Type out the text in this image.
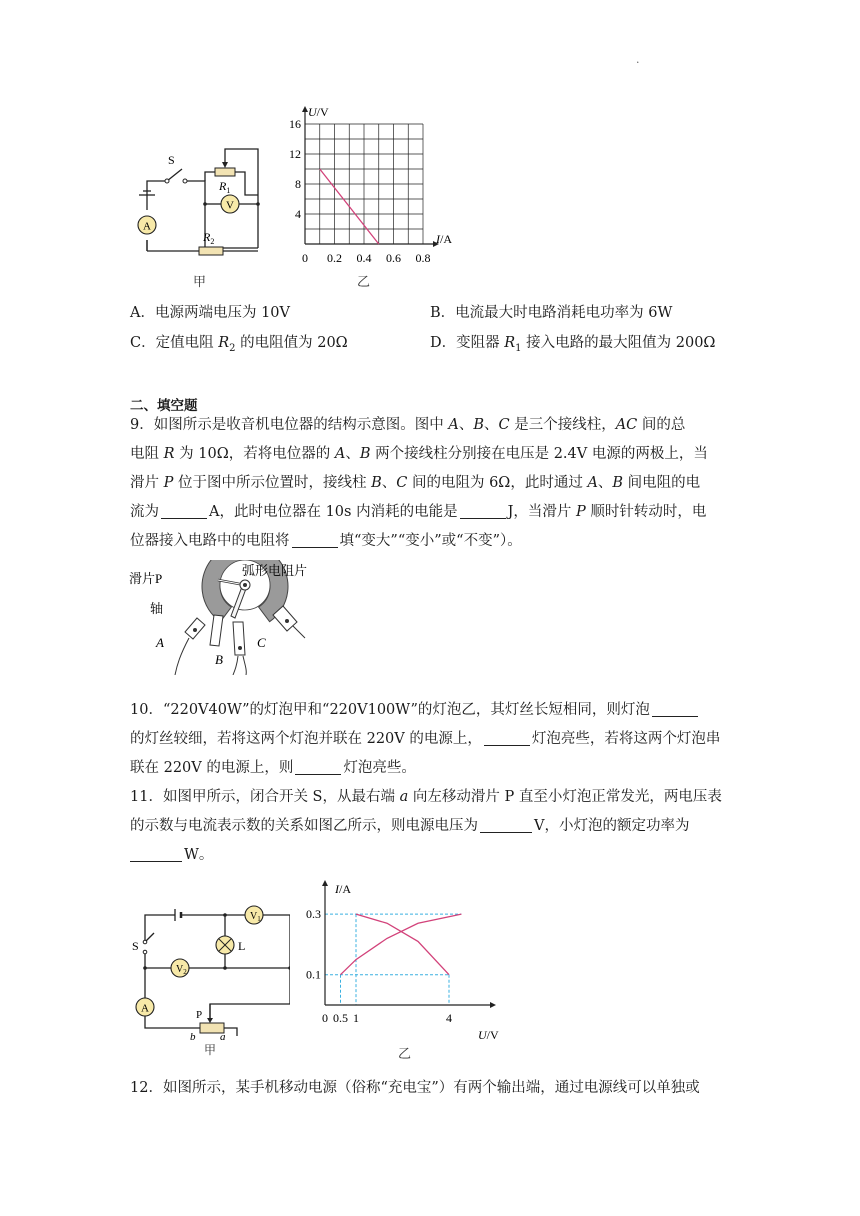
·
V
A
S
$R_1$
$R_2$
甲
0 0.2 0.4 0.6 0.8
4
8
12
16
U/V
I/A
乙
A．电源两端电压为 10V	B．电流最大时电路消耗电功率为 6W
C．定值电阻 $R_2$ 的电阻值为 20Ω	D．变阻器 $R_1$ 接入电路的最大阻值为 200Ω
二、填空题
9．如图所示是收音机电位器的结构示意图。图中 A、B、C 是三个接线柱，AC 间的总
电阻 R 为 10Ω，若将电位器的 A、B 两个接线柱分别接在电压是 2.4V 电源的两极上，当
滑片 P 位于图中所示位置时，接线柱 B、C 间的电阻为 6Ω，此时通过 A、B 间电阻的电
流为	A，此时电位器在 10s 内消耗的电能是	J，当滑片 P 顺时针转动时，电
位器接入电路中的电阻将	填“变大”“变小”或“不变”）。
滑片P
弧形电阻片
轴
A
B
C
10．“220V40W”的灯泡甲和“220V100W”的灯泡乙，其灯丝长短相同，则灯泡
的灯丝较细，若将这两个灯泡并联在 220V 的电源上，	灯泡亮些，若将这两个灯泡串
联在 220V 的电源上，则	灯泡亮些。
11．如图甲所示，闭合开关 S，从最右端 a 向左移动滑片 P 直至小灯泡正常发光，两电压表
的示数与电流表示数的关系如图乙所示，则电源电压为	V，小灯泡的额定功率为
W。
$V_1$
$V_2$
L
S
A
P
b a
甲
0 0.5 1	4
0.1
0.3
I/A
U/V
乙
12．如图所示，某手机移动电源（俗称“充电宝”）有两个输出端，通过电源线可以单独或
